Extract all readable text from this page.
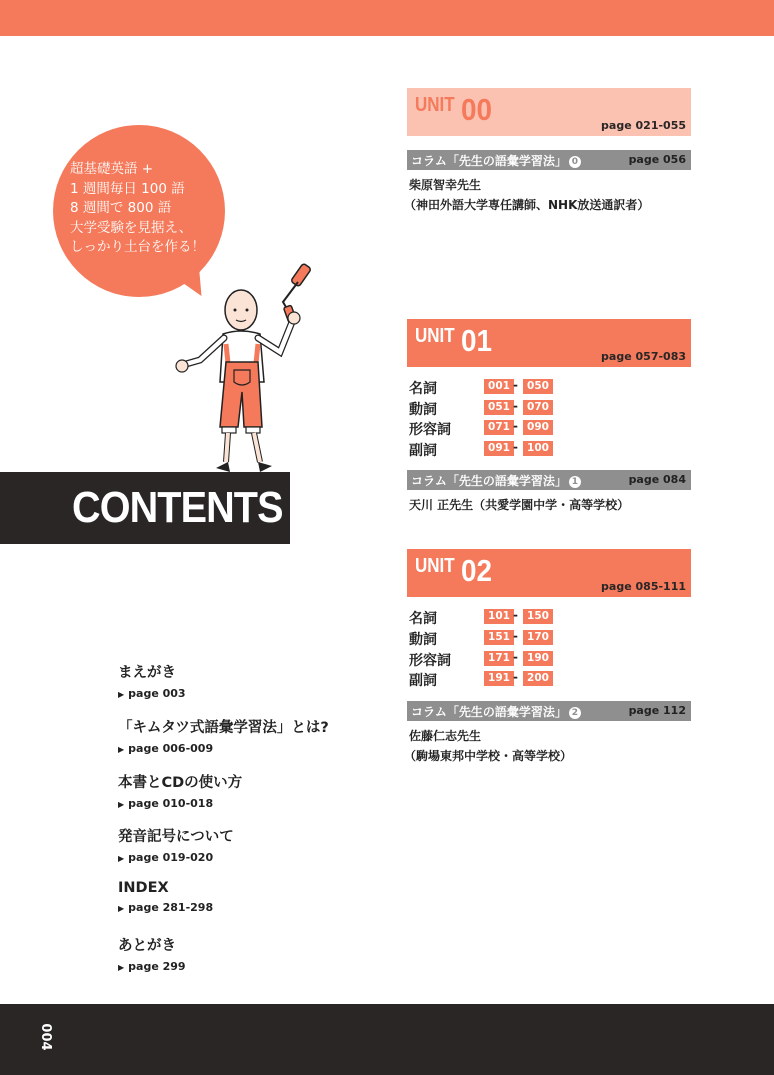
超基礎英語 +
1 週間毎日 100 語
8 週間で 800 語
大学受験を見据え、
しっかり土台を作る！
CONTENTS
まえがき
▶ page 003
「キムタツ式語彙学習法」とは?
▶ page 006-009
本書とCDの使い方
▶ page 010-018
発音記号について
▶ page 019-020
INDEX
▶ page 281-298
あとがき
▶ page 299
UNIT 00	page 021-055
コラム「先生の語彙学習法」 0	page 056
柴原智幸先生
（神田外語大学専任講師、NHK放送通訳者）
UNIT 01	page 057-083
名詞	001 - 050
動詞	051 - 070
形容詞	071 - 090
副詞	091 - 100
コラム「先生の語彙学習法」 1	page 084
天川 正先生（共愛学園中学・高等学校）
UNIT 02	page 085-111
名詞	101 - 150
動詞	151 - 170
形容詞	171 - 190
副詞	191 - 200
コラム「先生の語彙学習法」 2	page 112
佐藤仁志先生
（駒場東邦中学校・高等学校）
004
